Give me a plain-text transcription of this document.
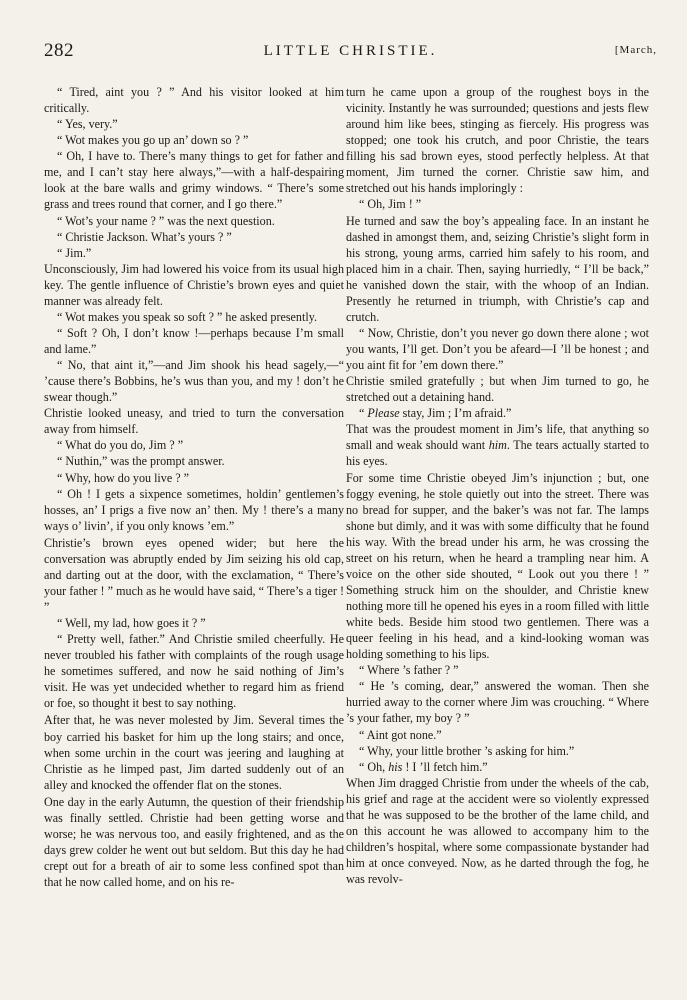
282	LITTLE CHRISTIE.	[March,

“ Tired, aint you ? ” And his visitor looked at him critically.

“ Yes, very.”

“ Wot makes you go up an’ down so ? ”

“ Oh, I have to. There’s many things to get for father and me, and I can’t stay here always,”—with a half-despairing look at the bare walls and grimy windows. “ There’s some grass and trees round that corner, and I go there.”

“ Wot’s your name ? ” was the next question.

“ Christie Jackson. What’s yours ? ”

“ Jim.”

Unconsciously, Jim had lowered his voice from its usual high key. The gentle influence of Christie’s brown eyes and quiet manner was already felt.

“ Wot makes you speak so soft ? ” he asked presently.

“ Soft ? Oh, I don’t know !—perhaps because I’m small and lame.”

“ No, that aint it,”—and Jim shook his head sagely,—“ ’cause there’s Bobbins, he’s wus than you, and my ! don’t he swear though.”

Christie looked uneasy, and tried to turn the conversation away from himself.

“ What do you do, Jim ? ”

“ Nuthin,” was the prompt answer.

“ Why, how do you live ? ”

“ Oh ! I gets a sixpence sometimes, holdin’ gentlemen’s hosses, an’ I prigs a five now an’ then. My ! there’s a many ways o’ livin’, if you only knows ’em.”

Christie’s brown eyes opened wider; but here the conversation was abruptly ended by Jim seizing his old cap, and darting out at the door, with the exclamation, “ There’s your father ! ” much as he would have said, “ There’s a tiger ! ”

“ Well, my lad, how goes it ? ”

“ Pretty well, father.” And Christie smiled cheerfully. He never troubled his father with complaints of the rough usage he sometimes suffered, and now he said nothing of Jim’s visit. He was yet undecided whether to regard him as friend or foe, so thought it best to say nothing.

After that, he was never molested by Jim. Several times the boy carried his basket for him up the long stairs; and once, when some urchin in the court was jeering and laughing at Christie as he limped past, Jim darted suddenly out of an alley and knocked the offender flat on the stones.

One day in the early Autumn, the question of their friendship was finally settled. Christie had been getting worse and worse; he was nervous too, and easily frightened, and as the days grew colder he went out but seldom. But this day he had crept out for a breath of air to some less confined spot than that he now called home, and on his re-

turn he came upon a group of the roughest boys in the vicinity. Instantly he was surrounded; questions and jests flew around him like bees, stinging as fiercely. His progress was stopped; one took his crutch, and poor Christie, the tears filling his sad brown eyes, stood perfectly helpless. At that moment, Jim turned the corner. Christie saw him, and stretched out his hands imploringly :

“ Oh, Jim ! ”

He turned and saw the boy’s appealing face. In an instant he dashed in amongst them, and, seizing Christie’s slight form in his strong, young arms, carried him safely to his room, and placed him in a chair. Then, saying hurriedly, “ I’ll be back,” he vanished down the stair, with the whoop of an Indian. Presently he returned in triumph, with Christie’s cap and crutch.

“ Now, Christie, don’t you never go down there alone ; wot you wants, I’ll get. Don’t you be afeard—I ’ll be honest ; and you aint fit for ’em down there.”

Christie smiled gratefully ; but when Jim turned to go, he stretched out a detaining hand.

“ Please stay, Jim ; I’m afraid.”

That was the proudest moment in Jim’s life, that anything so small and weak should want him. The tears actually started to his eyes.

For some time Christie obeyed Jim’s injunction ; but, one foggy evening, he stole quietly out into the street. There was no bread for supper, and the baker’s was not far. The lamps shone but dimly, and it was with some difficulty that he found his way. With the bread under his arm, he was crossing the street on his return, when he heard a trampling near him. A voice on the other side shouted, “ Look out you there ! ” Something struck him on the shoulder, and Christie knew nothing more till he opened his eyes in a room filled with little white beds. Beside him stood two gentlemen. There was a queer feeling in his head, and a kind-looking woman was holding something to his lips.

“ Where ’s father ? ”

“ He ’s coming, dear,” answered the woman. Then she hurried away to the corner where Jim was crouching. “ Where ’s your father, my boy ? ”

“ Aint got none.”

“ Why, your little brother ’s asking for him.”

“ Oh, his ! I ’ll fetch him.”

When Jim dragged Christie from under the wheels of the cab, his grief and rage at the accident were so violently expressed that he was supposed to be the brother of the lame child, and on this account he was allowed to accompany him to the children’s hospital, where some compassionate bystander had him at once conveyed. Now, as he darted through the fog, he was revolv-
